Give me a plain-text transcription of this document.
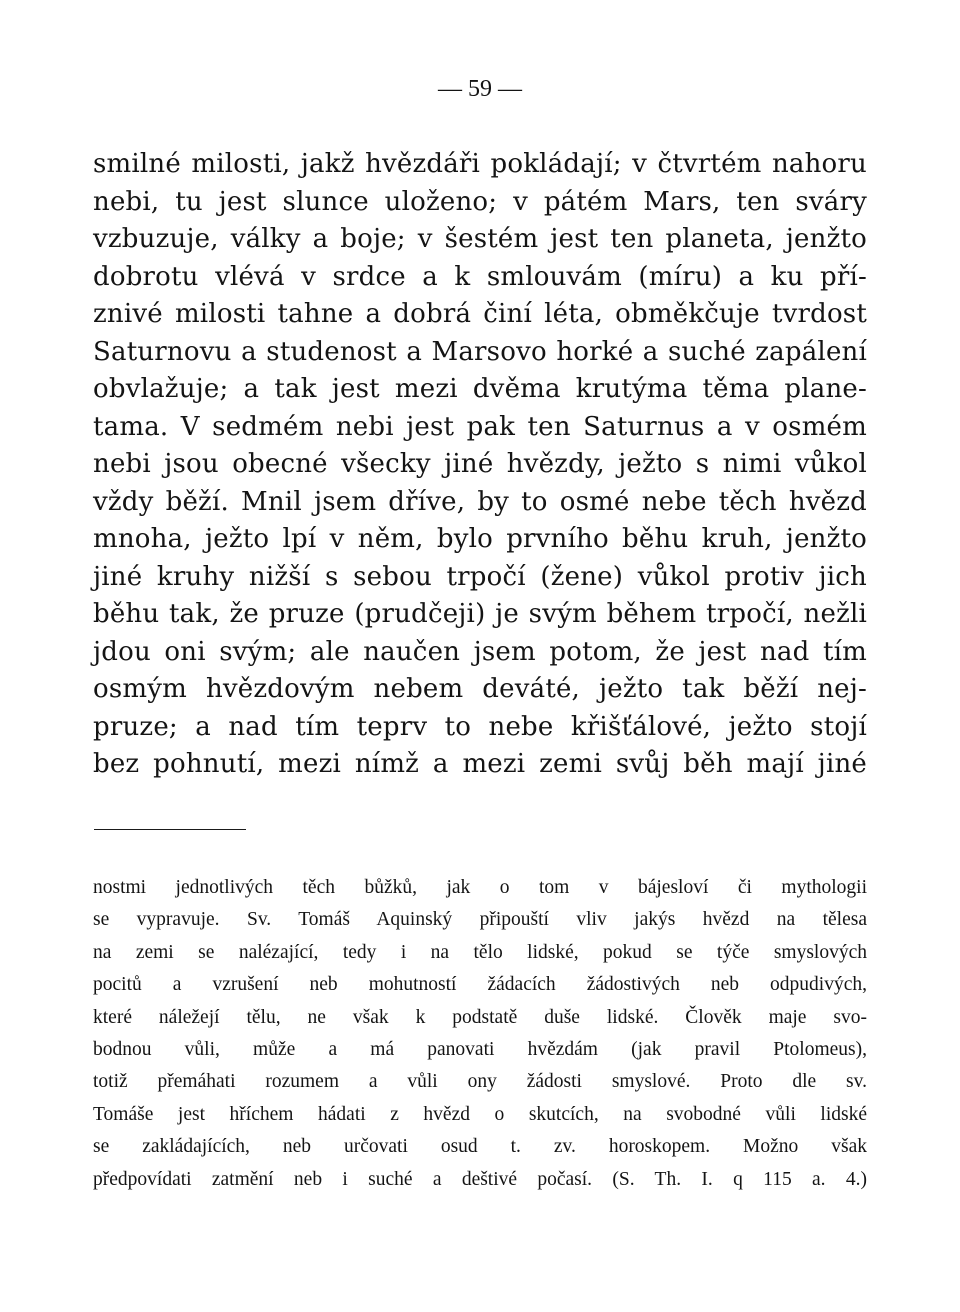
— 59 —
smilné milosti, jakž hvězdáři pokládají; v čtvrtém nahoru
nebi, tu jest slunce uloženo; v pátém Mars, ten sváry
vzbuzuje, války a boje; v šestém jest ten planeta, jenžto
dobrotu vlévá v srdce a k smlouvám (míru) a ku pří-
znivé milosti tahne a dobrá činí léta, obměkčuje tvrdost
Saturnovu a studenost a Marsovo horké a suché zapálení
obvlažuje; a tak jest mezi dvěma krutýma těma plane-
tama. V sedmém nebi jest pak ten Saturnus a v osmém
nebi jsou obecné všecky jiné hvězdy, ježto s nimi vůkol
vždy běží. Mnil jsem dříve, by to osmé nebe těch hvězd
mnoha, ježto lpí v něm, bylo prvního běhu kruh, jenžto
jiné kruhy nižší s sebou trpočí (žene) vůkol protiv jich
běhu tak, že pruze (prudčeji) je svým během trpočí, nežli
jdou oni svým; ale naučen jsem potom, že jest nad tím
osmým hvězdovým nebem deváté, ježto tak běží nej-
pruze; a nad tím teprv to nebe křišťálové, ježto stojí
bez pohnutí, mezi nímž a mezi zemi svůj běh mají jiné
nostmi jednotlivých těch bůžků, jak o tom v bájesloví či mythologii
se vypravuje. Sv. Tomáš Aquinský připouští vliv jakýs hvězd na tělesa
na zemi se nalézající, tedy i na tělo lidské, pokud se týče smyslových
pocitů a vzrušení neb mohutností žádacích žádostivých neb odpudivých,
které náležejí tělu, ne však k podstatě duše lidské. Člověk maje svo-
bodnou vůli, může a má panovati hvězdám (jak pravil Ptolomeus),
totiž přemáhati rozumem a vůli ony žádosti smyslové. Proto dle sv.
Tomáše jest hříchem hádati z hvězd o skutcích, na svobodné vůli lidské
se zakládajících, neb určovati osud t. zv. horoskopem. Možno však
předpovídati zatmění neb i suché a deštivé počasí. (S. Th. I. q 115 a. 4.)
